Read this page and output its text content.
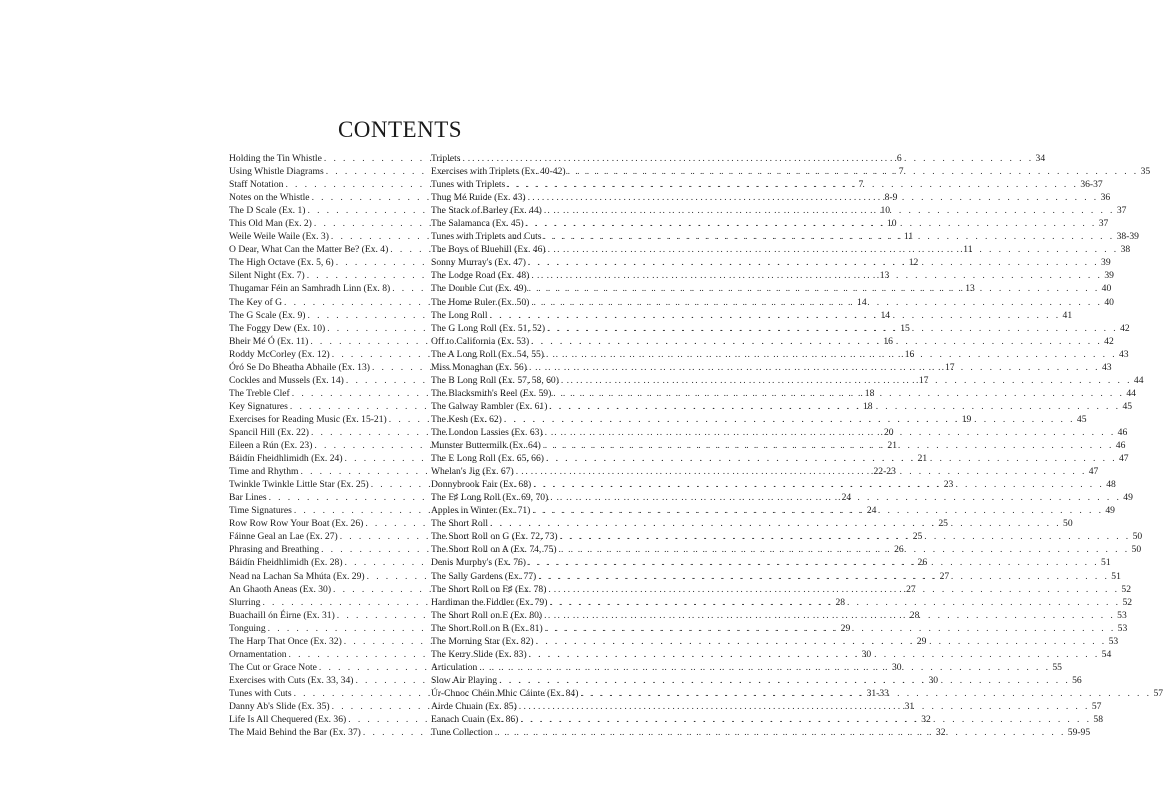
CONTENTS
Holding the Tin Whistle . . .	6
Using Whistle Diagrams . . .	7
Staff Notation . . .	7
Notes on the Whistle . . .	8-9
The D Scale (Ex. 1) . . .	10
This Old Man (Ex. 2) . . .	10
Weile Weile Waile (Ex. 3) . . .	11
O Dear, What Can the Matter Be? (Ex. 4) . . .	11
The High Octave (Ex. 5, 6) . . .	12
Silent Night (Ex. 7) . . .	13
Thugamar Féin an Samhradh Linn (Ex. 8) . . .	13
The Key of G . . .	14
The G Scale (Ex. 9) . . .	14
The Foggy Dew (Ex. 10) . . .	15
Bheir Mé Ó (Ex. 11) . . .	16
Roddy McCorley (Ex. 12) . . .	16
Óró Se Do Bheatha Abhaile (Ex. 13) . . .	17
Cockles and Mussels (Ex. 14) . . .	17
The Treble Clef . . .	18
Key Signatures . . .	18
Exercises for Reading Music (Ex. 15-21) . . .	19
Spancil Hill (Ex. 22) . . .	20
Eileen a Rún (Ex. 23) . . .	21
Báidín Fheidhlimidh (Ex. 24) . . .	21
Time and Rhythm . . .	22-23
Twinkle Twinkle Little Star (Ex. 25) . . .	23
Bar Lines . . .	24
Time Signatures . . .	24
Row Row Row Your Boat (Ex. 26) . . .	25
Fáinne Geal an Lae (Ex. 27) . . .	25
Phrasing and Breathing . . .	26
Báidín Fheidhlimidh (Ex. 28) . . .	26
Nead na Lachan Sa Mhúta (Ex. 29) . . .	27
An Ghaoth Aneas (Ex. 30) . . .	27
Slurring . . .	28
Buachaill ón Éirne (Ex. 31) . . .	28
Tonguing . . .	29
The Harp That Once (Ex. 32) . . .	29
Ornamentation . . .	30
The Cut or Grace Note . . .	30
Exercises with Cuts (Ex. 33, 34) . . .	30
Tunes with Cuts . . .	31-33
Danny Ab's Slide (Ex. 35) . . .	31
Life Is All Chequered (Ex. 36) . . .	32
The Maid Behind the Bar (Ex. 37) . . .	32
Triplets . . .	34
Exercises with Triplets (Ex. 40-42) . . .	35
Tunes with Triplets . . .	36-37
Thug Mé Ruide (Ex. 43) . . .	36
The Stack of Barley (Ex. 44) . . .	37
The Salamanca (Ex. 45) . . .	37
Tunes with Triplets and Cuts . . .	38-39
The Boys of Bluehill (Ex. 46) . . .	38
Sonny Murray's (Ex. 47) . . .	39
The Lodge Road (Ex. 48) . . .	39
The Double Cut (Ex. 49) . . .	40
The Home Ruler (Ex. 50) . . .	40
The Long Roll . . .	41
The G Long Roll (Ex. 51, 52) . . .	42
Off to California (Ex. 53) . . .	42
The A Long Roll (Ex. 54, 55) . . .	43
Miss Monaghan (Ex. 56) . . .	43
The B Long Roll (Ex. 57, 58, 60) . . .	44
The Blacksmith's Reel (Ex. 59) . . .	44
The Galway Rambler (Ex. 61) . . .	45
The Kesh (Ex. 62) . . .	45
The London Lassies (Ex. 63) . . .	46
Munster Buttermilk (Ex. 64) . . .	46
The E Long Roll (Ex. 65, 66) . . .	47
Whelan's Jig (Ex. 67) . . .	47
Donnybrook Fair (Ex. 68) . . .	48
The F♯ Long Roll (Ex. 69, 70) . . .	49
Apples in Winter (Ex. 71) . . .	49
The Short Roll . . .	50
The Short Roll on G (Ex. 72, 73) . . .	50
The Short Roll on A (Ex. 74, 75) . . .	50
Denis Murphy's (Ex. 76) . . .	51
The Sally Gardens (Ex. 77) . . .	51
The Short Roll on F♯ (Ex. 78) . . .	52
Hardiman the Fiddler (Ex. 79) . . .	52
The Short Roll on E (Ex. 80) . . .	53
The Short Roll on B (Ex. 81) . . .	53
The Morning Star (Ex. 82) . . .	53
The Kerry Slide (Ex. 83) . . .	54
Articulation . . .	55
Slow Air Playing . . .	56
Úr-Chnoc Chéin Mhic Cáinte (Ex. 84) . . .	57
Airde Chuain (Ex. 85) . . .	57
Eanach Cuain (Ex. 86) . . .	58
Tune Collection . . .	59-95
